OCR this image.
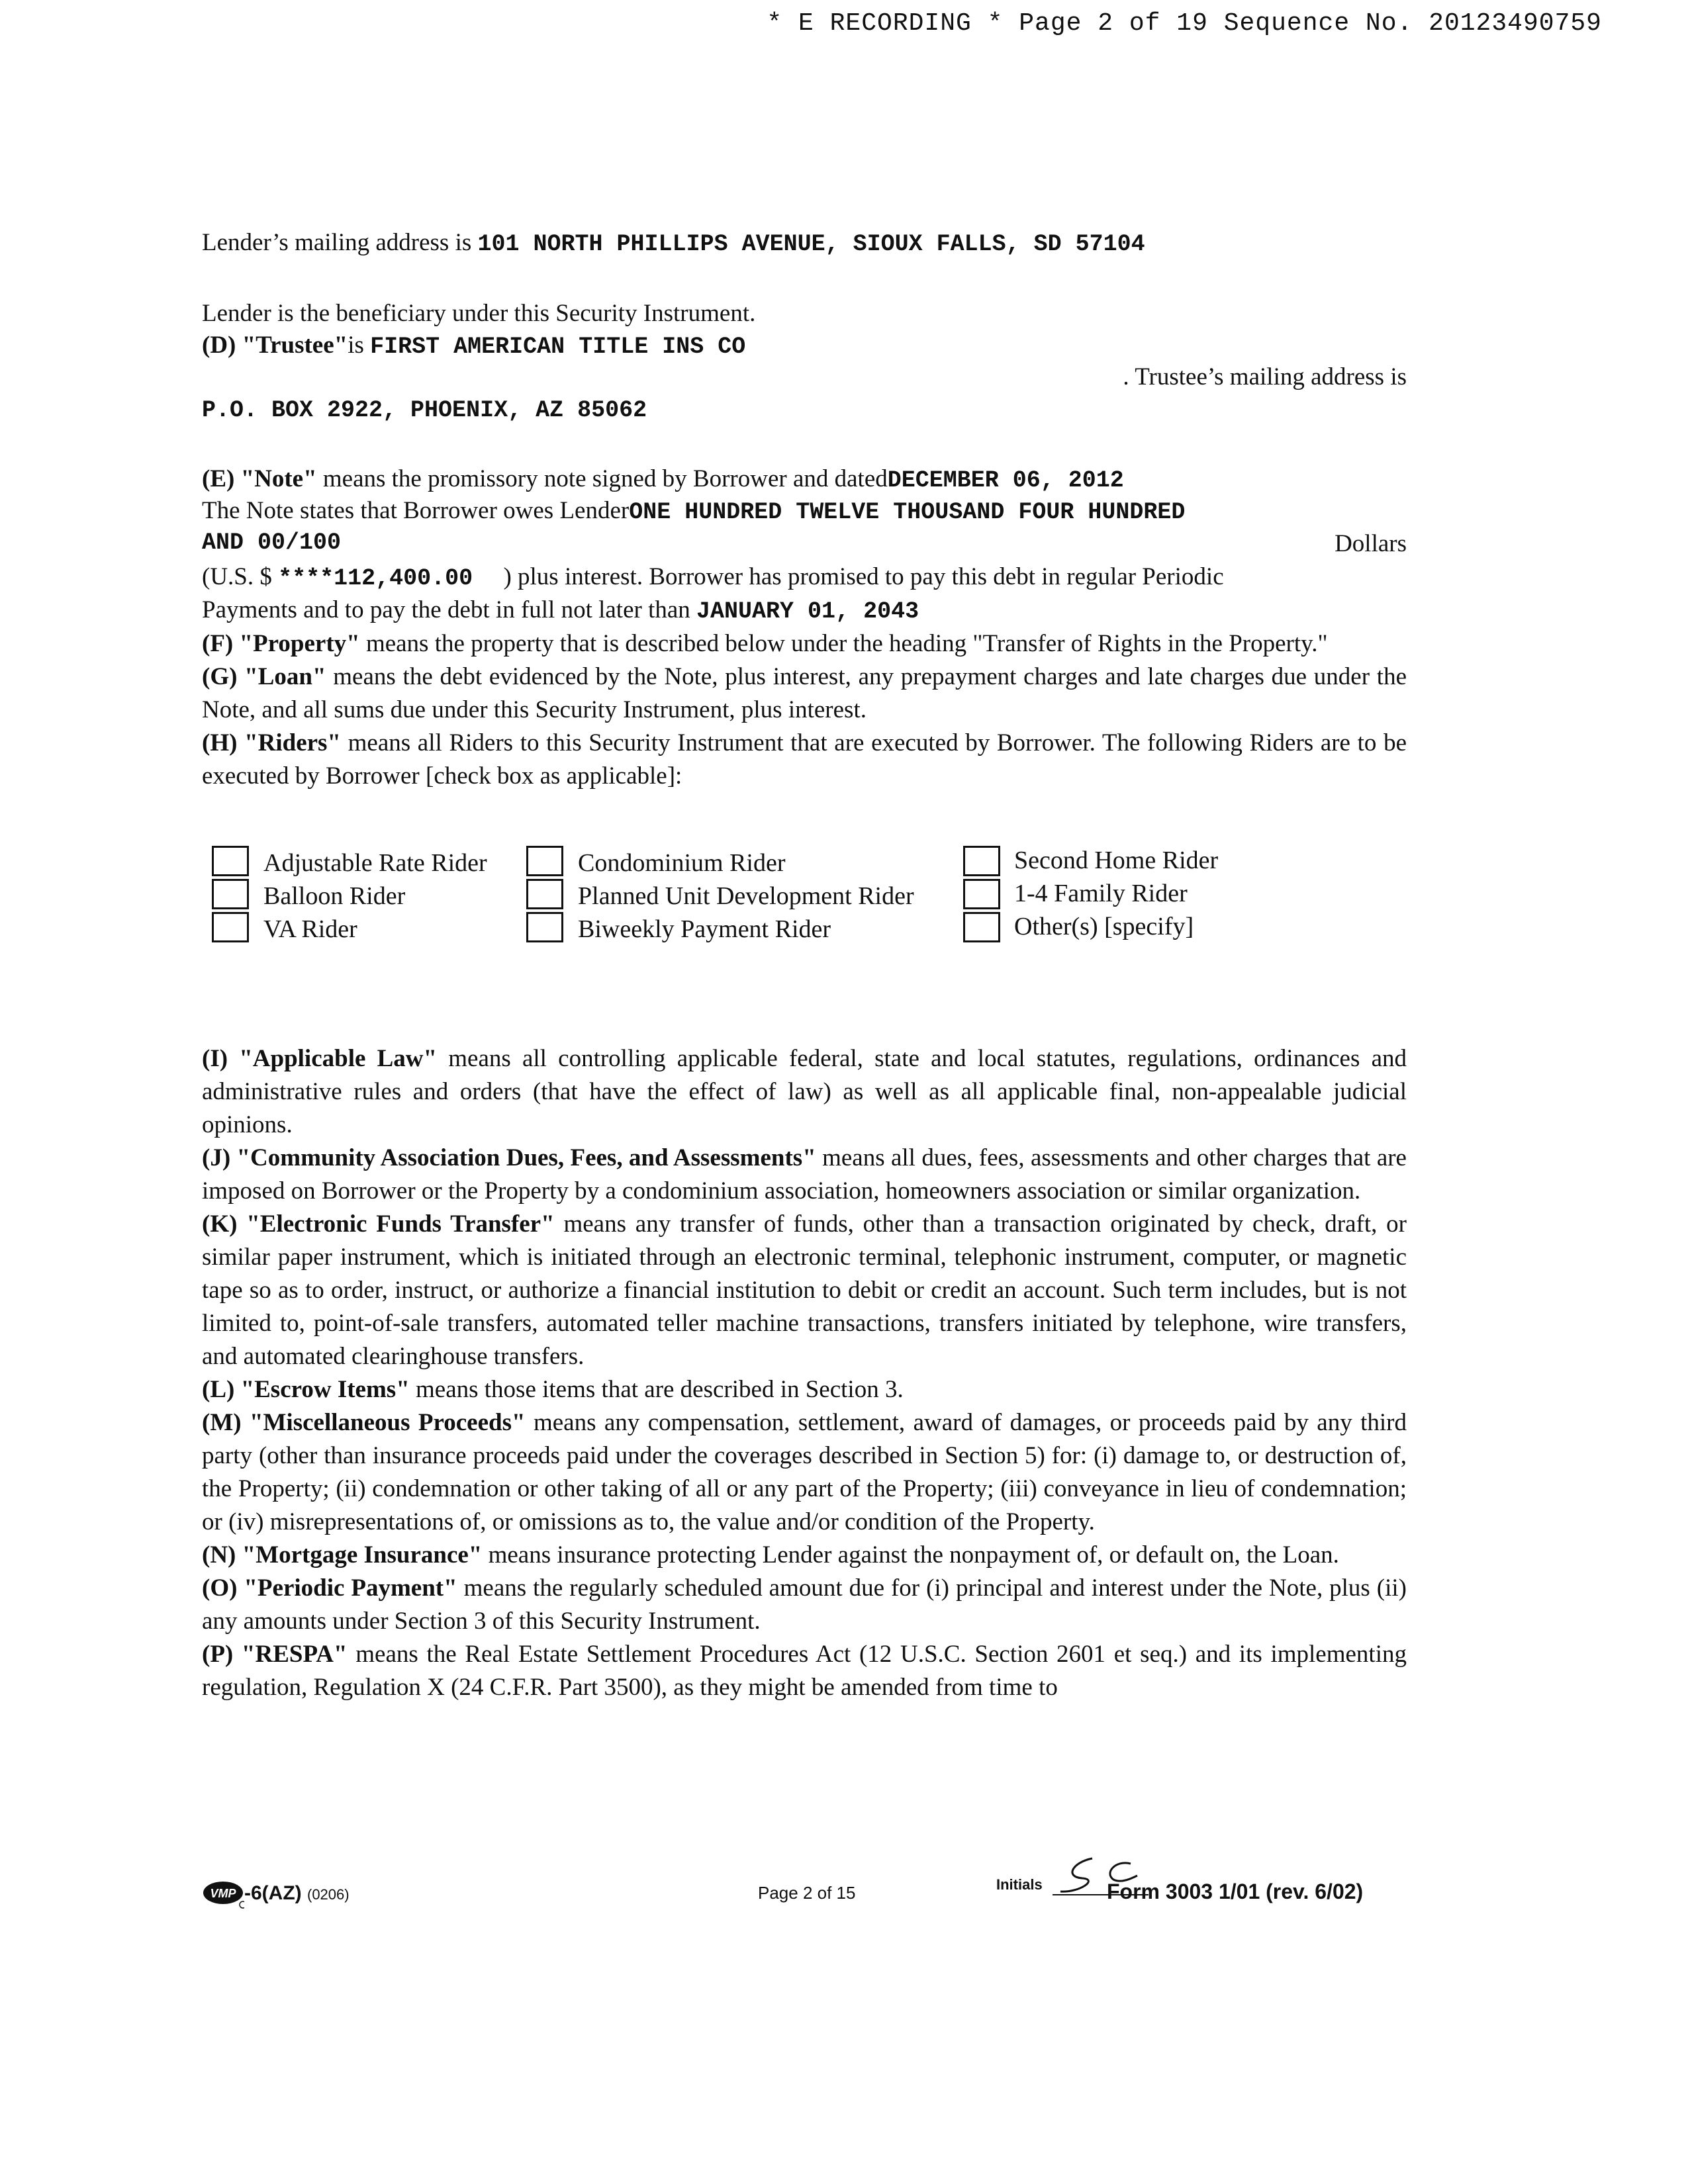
* E RECORDING * Page 2 of 19 Sequence No. 20123490759
Lender’s mailing address is 101 NORTH PHILLIPS AVENUE, SIOUX FALLS, SD 57104
Lender is the beneficiary under this Security Instrument.
(D) "Trustee"is FIRST AMERICAN TITLE INS CO
. Trustee’s mailing address is
P.O. BOX 2922, PHOENIX, AZ 85062
(E) "Note" means the promissory note signed by Borrower and datedDECEMBER 06, 2012
The Note states that Borrower owes LenderONE HUNDRED TWELVE THOUSAND FOUR HUNDRED
AND 00/100	Dollars
(U.S. $ ****112,400.00 ) plus interest. Borrower has promised to pay this debt in regular Periodic
Payments and to pay the debt in full not later than JANUARY 01, 2043

(F) "Property" means the property that is described below under the heading "Transfer of Rights in the Property."

(G) "Loan" means the debt evidenced by the Note, plus interest, any prepayment charges and late charges due under the Note, and all sums due under this Security Instrument, plus interest.

(H) "Riders" means all Riders to this Security Instrument that are executed by Borrower. The following Riders are to be executed by Borrower [check box as applicable]:

Adjustable Rate Rider
Balloon Rider
VA Rider
Condominium Rider
Planned Unit Development Rider
Biweekly Payment Rider
Second Home Rider
1-4 Family Rider
Other(s) [specify]

(I) "Applicable Law" means all controlling applicable federal, state and local statutes, regulations, ordinances and administrative rules and orders (that have the effect of law) as well as all applicable final, non-appealable judicial opinions.

(J) "Community Association Dues, Fees, and Assessments" means all dues, fees, assessments and other charges that are imposed on Borrower or the Property by a condominium association, homeowners association or similar organization.

(K) "Electronic Funds Transfer" means any transfer of funds, other than a transaction originated by check, draft, or similar paper instrument, which is initiated through an electronic terminal, telephonic instrument, computer, or magnetic tape so as to order, instruct, or authorize a financial institution to debit or credit an account. Such term includes, but is not limited to, point-of-sale transfers, automated teller machine transactions, transfers initiated by telephone, wire transfers, and automated clearinghouse transfers.

(L) "Escrow Items" means those items that are described in Section 3.

(M) "Miscellaneous Proceeds" means any compensation, settlement, award of damages, or proceeds paid by any third party (other than insurance proceeds paid under the coverages described in Section 5) for: (i) damage to, or destruction of, the Property; (ii) condemnation or other taking of all or any part of the Property; (iii) conveyance in lieu of condemnation; or (iv) misrepresentations of, or omissions as to, the value and/or condition of the Property.

(N) "Mortgage Insurance" means insurance protecting Lender against the nonpayment of, or default on, the Loan.

(O) "Periodic Payment" means the regularly scheduled amount due for (i) principal and interest under the Note, plus (ii) any amounts under Section 3 of this Security Instrument.

(P) "RESPA" means the Real Estate Settlement Procedures Act (12 U.S.C. Section 2601 et seq.) and its implementing regulation, Regulation X (24 C.F.R. Part 3500), as they might be amended from time to

VMP -6(AZ) (0206)	Page 2 of 15	Initials	Form 3003 1/01 (rev. 6/02)
